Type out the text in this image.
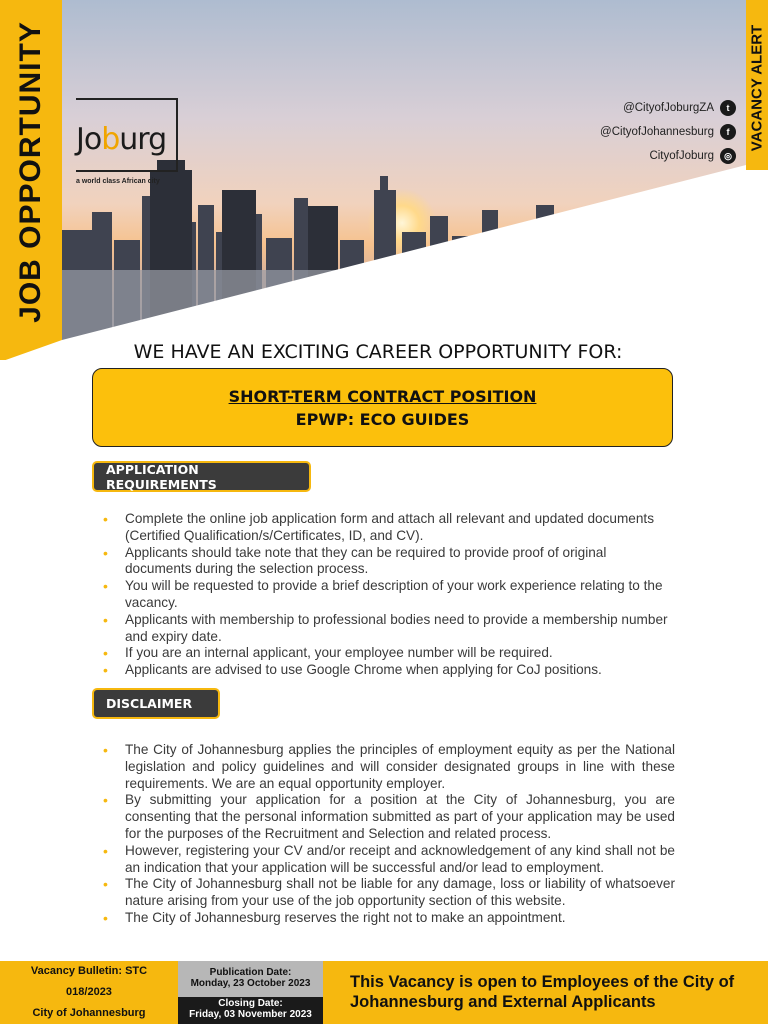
JOB OPPORTUNITY Joburg
a world class African city
@CityofJoburgZA	t
@CityofJohannesburg	f
CityofJoburg	◎
VACANCY ALERT
WE HAVE AN EXCITING CAREER OPPORTUNITY FOR:
SHORT-TERM CONTRACT POSITION
EPWP: ECO GUIDES
APPLICATION REQUIREMENTS
• Complete the online job application form and attach all relevant and updated documents (Certified Qualification/s/Certificates, ID, and CV).
• Applicants should take note that they can be required to provide proof of original documents during the selection process.
• You will be requested to provide a brief description of your work experience relating to the vacancy.
• Applicants with membership to professional bodies need to provide a membership number and expiry date.
• If you are an internal applicant, your employee number will be required.
• Applicants are advised to use Google Chrome when applying for CoJ positions.
DISCLAIMER
• The City of Johannesburg applies the principles of employment equity as per the National legislation and policy guidelines and will consider designated groups in line with these requirements. We are an equal opportunity employer.
• By submitting your application for a position at the City of Johannesburg, you are consenting that the personal information submitted as part of your application may be used for the purposes of the Recruitment and Selection and related process.
• However, registering your CV and/or receipt and acknowledgement of any kind shall not be an indication that your application will be successful and/or lead to employment.
• The City of Johannesburg shall not be liable for any damage, loss or liability of whatsoever nature arising from your use of the job opportunity section of this website.
• The City of Johannesburg reserves the right not to make an appointment.
Vacancy Bulletin: STC
018/2023
City of Johannesburg
Publication Date:
Monday, 23 October 2023
Closing Date:
Friday, 03 November 2023
This Vacancy is open to Employees of the City of Johannesburg and External Applicants
